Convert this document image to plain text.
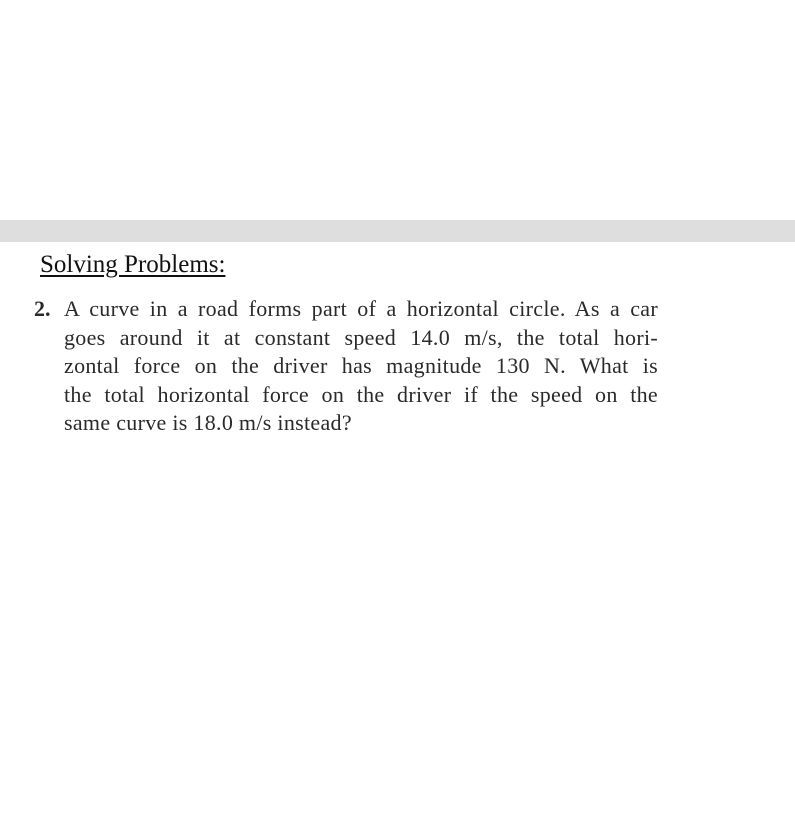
Solving Problems:
2. A curve in a road forms part of a horizontal circle. As a car
goes around it at constant speed 14.0 m/s, the total hori-
zontal force on the driver has magnitude 130 N. What is
the total horizontal force on the driver if the speed on the
same curve is 18.0 m/s instead?
